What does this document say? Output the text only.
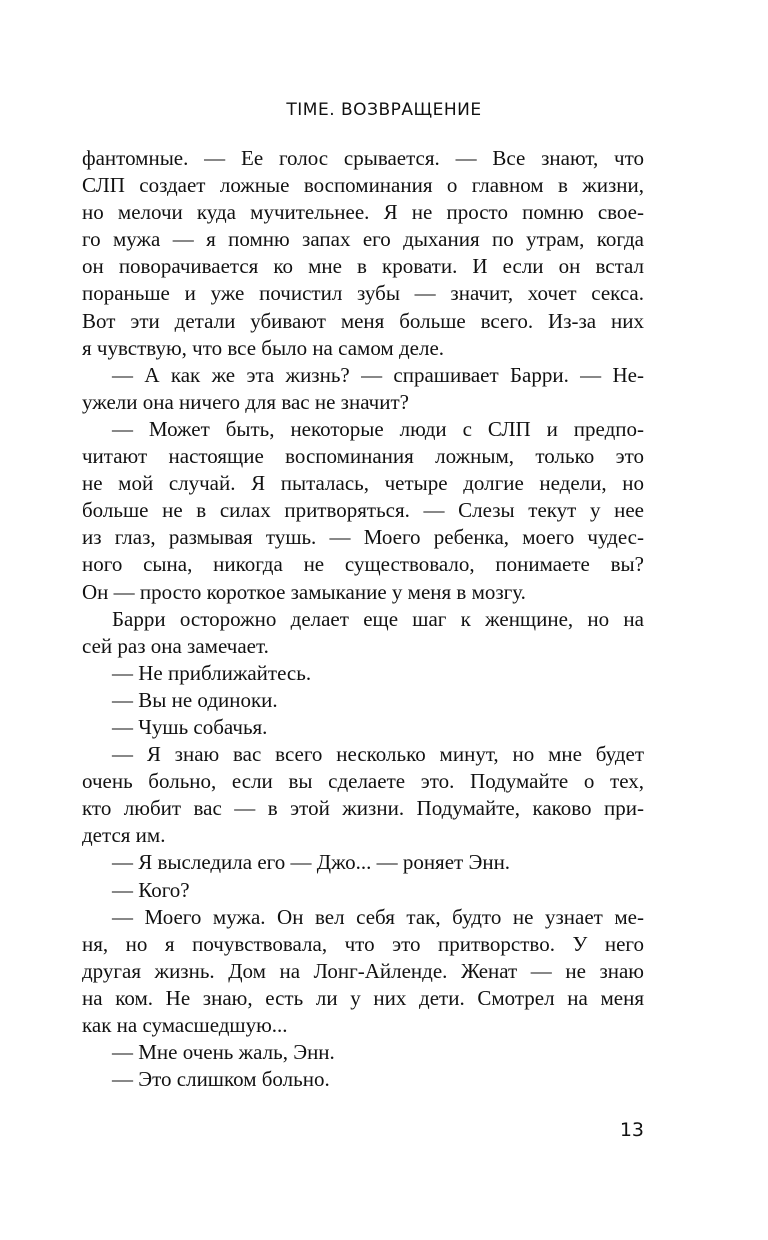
TIME. ВОЗВРАЩЕНИЕ
фантомные. — Ее голос срывается. — Все знают, что
СЛП создает ложные воспоминания о главном в жизни,
но мелочи куда мучительнее. Я не просто помню свое-
го мужа — я помню запах его дыхания по утрам, когда
он поворачивается ко мне в кровати. И если он встал
пораньше и уже почистил зубы — значит, хочет секса.
Вот эти детали убивают меня больше всего. Из-за них
я чувствую, что все было на самом деле.
— А как же эта жизнь? — спрашивает Барри. — Не-
ужели она ничего для вас не значит?
— Может быть, некоторые люди с СЛП и предпо-
читают настоящие воспоминания ложным, только это
не мой случай. Я пыталась, четыре долгие недели, но
больше не в силах притворяться. — Слезы текут у нее
из глаз, размывая тушь. — Моего ребенка, моего чудес-
ного сына, никогда не существовало, понимаете вы?
Он — просто короткое замыкание у меня в мозгу.
Барри осторожно делает еще шаг к женщине, но на
сей раз она замечает.
— Не приближайтесь.
— Вы не одиноки.
— Чушь собачья.
— Я знаю вас всего несколько минут, но мне будет
очень больно, если вы сделаете это. Подумайте о тех,
кто любит вас — в этой жизни. Подумайте, каково при-
дется им.
— Я выследила его — Джо... — роняет Энн.
— Кого?
— Моего мужа. Он вел себя так, будто не узнает ме-
ня, но я почувствовала, что это притворство. У него
другая жизнь. Дом на Лонг-Айленде. Женат — не знаю
на ком. Не знаю, есть ли у них дети. Смотрел на меня
как на сумасшедшую...
— Мне очень жаль, Энн.
— Это слишком больно.
13
